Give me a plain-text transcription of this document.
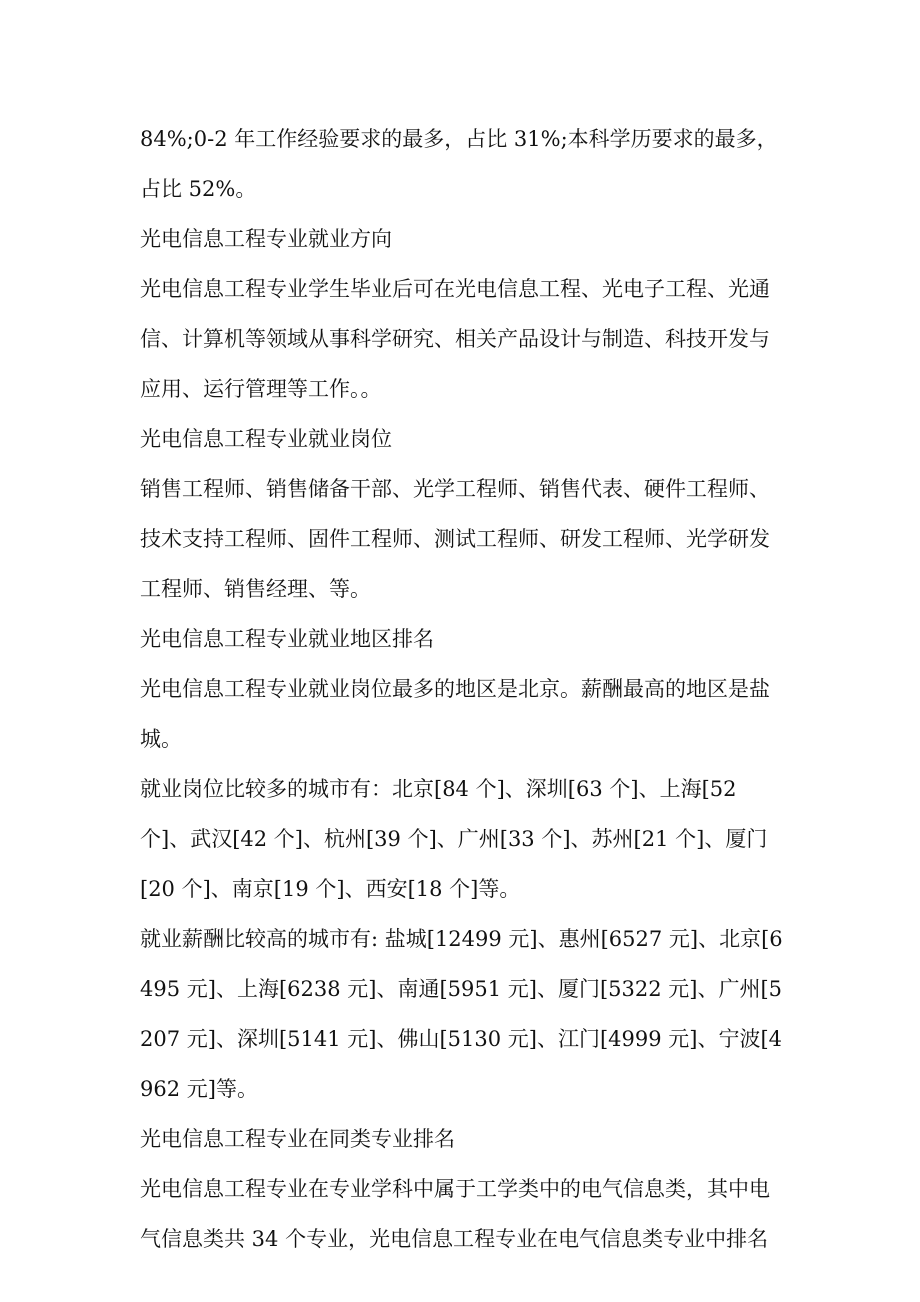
84%;0-2 年工作经验要求的最多，占比 31%;本科学历要求的最多，占比 52%。

光电信息工程专业就业方向

光电信息工程专业学生毕业后可在光电信息工程、光电子工程、光通信、计算机等领域从事科学研究、相关产品设计与制造、科技开发与应用、运行管理等工作。。

光电信息工程专业就业岗位

销售工程师、销售储备干部、光学工程师、销售代表、硬件工程师、技术支持工程师、固件工程师、测试工程师、研发工程师、光学研发工程师、销售经理、等。

光电信息工程专业就业地区排名

光电信息工程专业就业岗位最多的地区是北京。薪酬最高的地区是盐城。

就业岗位比较多的城市有：北京[84 个]、深圳[63 个]、上海[52 个]、武汉[42 个]、杭州[39 个]、广州[33 个]、苏州[21 个]、厦门[20 个]、南京[19 个]、西安[18 个]等。

就业薪酬比较高的城市有: 盐城[12499 元]、惠州[6527 元]、北京[6495 元]、上海[6238 元]、南通[5951 元]、厦门[5322 元]、广州[5207 元]、深圳[5141 元]、佛山[5130 元]、江门[4999 元]、宁波[4962 元]等。

光电信息工程专业在同类专业排名

光电信息工程专业在专业学科中属于工学类中的电气信息类，其中电气信息类共 34 个专业，光电信息工程专业在电气信息类专业中排名
